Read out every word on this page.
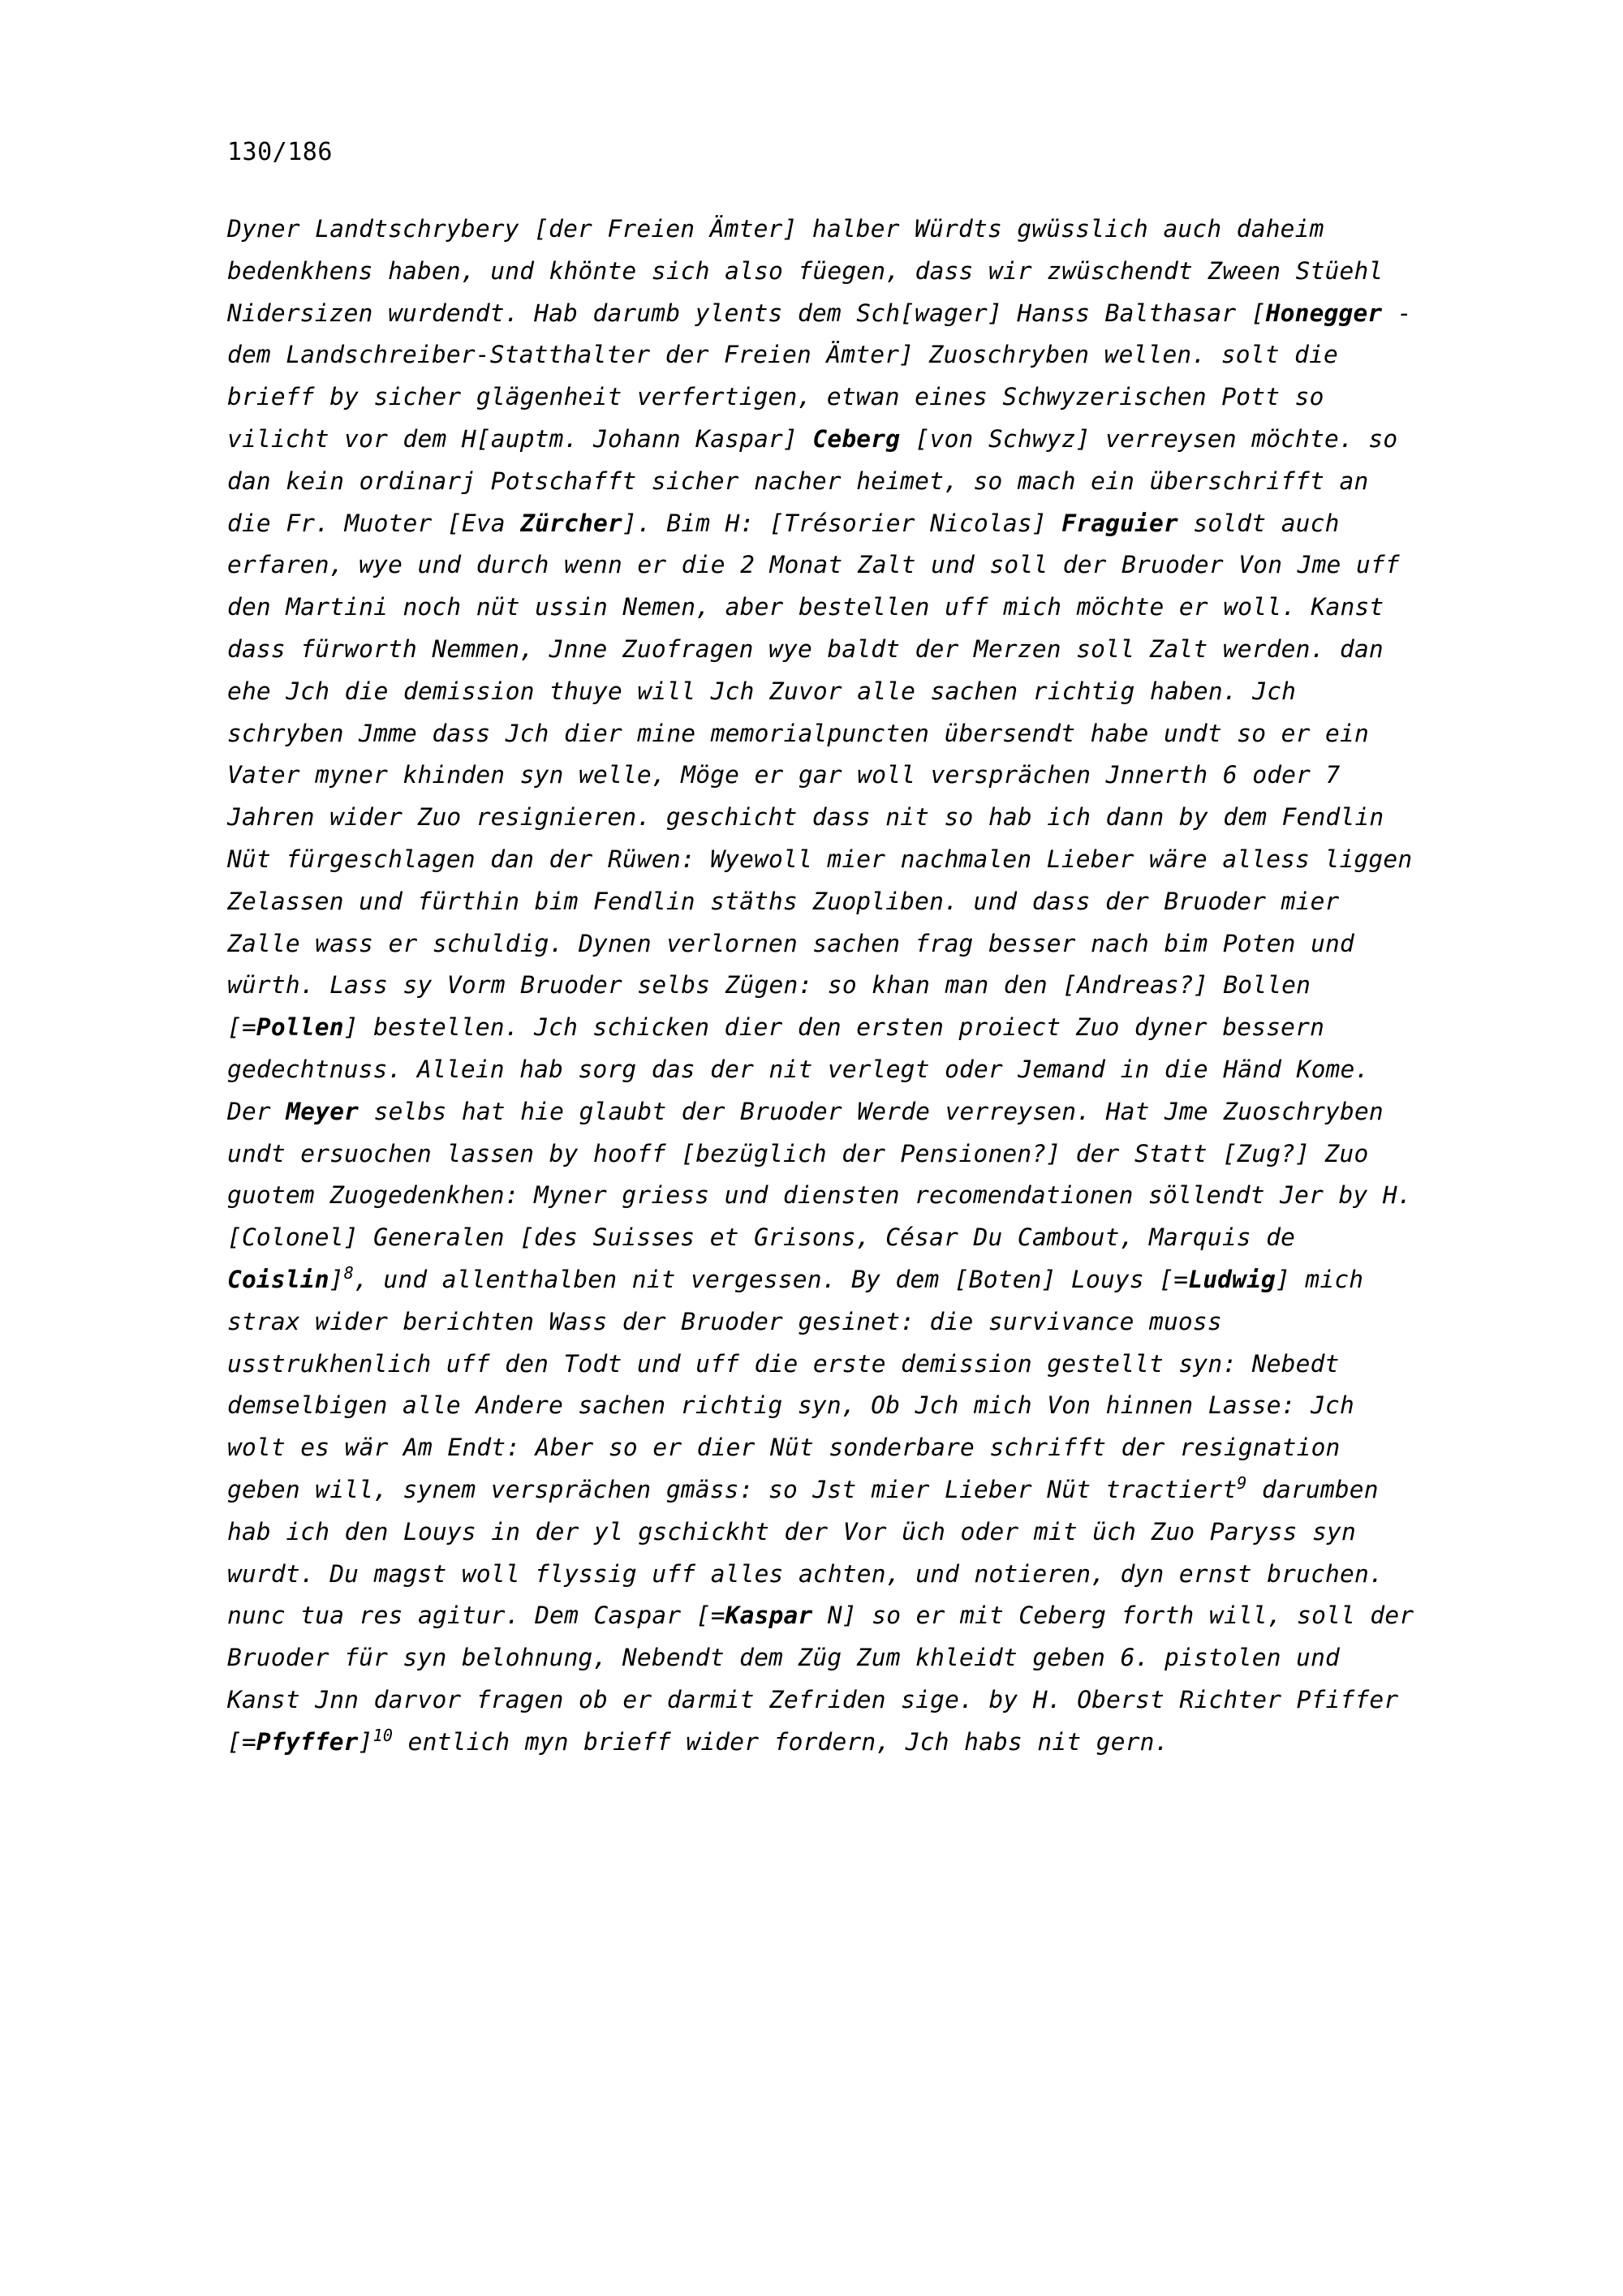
130/186
Dyner Landtschrybery [der Freien Ämter] halber Würdts gwüsslich auch daheim bedenkhens haben, und khönte sich also füegen, dass wir zwüschendt Zween Stüehl Nidersizen wurdendt. Hab darumb ylents dem Sch[wager] Hanss Balthasar [Honegger - dem Landschreiber-Statthalter der Freien Ämter] Zuoschryben wellen. solt die brieff by sicher glägenheit verfertigen, etwan eines Schwyzerischen Pott so vilicht vor dem H[auptm. Johann Kaspar] Ceberg [von Schwyz] verreysen möchte. so dan kein ordinarj Potschafft sicher nacher heimet, so mach ein überschrifft an die Fr. Muoter [Eva Zürcher]. Bim H: [Trésorier Nicolas] Fraguier soldt auch erfaren, wye und durch wenn er die 2 Monat Zalt und soll der Bruoder Von Jme uff den Martini noch nüt ussin Nemen, aber bestellen uff mich möchte er woll. Kanst dass fürworth Nemmen, Jnne Zuofragen wye baldt der Merzen soll Zalt werden. dan ehe Jch die demission thuye will Jch Zuvor alle sachen richtig haben. Jch schryben Jmme dass Jch dier mine memorialpuncten übersendt habe undt so er ein Vater myner khinden syn welle, Möge er gar woll versprächen Jnnerth 6 oder 7 Jahren wider Zuo resignieren. geschicht dass nit so hab ich dann by dem Fendlin Nüt fürgeschlagen dan der Rüwen: Wyewoll mier nachmalen Lieber wäre alless liggen Zelassen und fürthin bim Fendlin stäths Zuopliben. und dass der Bruoder mier Zalle wass er schuldig. Dynen verlornen sachen frag besser nach bim Poten und würth. Lass sy Vorm Bruoder selbs Zügen: so khan man den [Andreas?] Bollen [=Pollen] bestellen. Jch schicken dier den ersten proiect Zuo dyner bessern gedechtnuss. Allein hab sorg das der nit verlegt oder Jemand in die Händ Kome. Der Meyer selbs hat hie glaubt der Bruoder Werde verreysen. Hat Jme Zuoschryben undt ersuochen lassen by hooff [bezüglich der Pensionen?] der Statt [Zug?] Zuo guotem Zuogedenkhen: Myner griess und diensten recomendationen söllendt Jer by H. [Colonel] Generalen [des Suisses et Grisons, César Du Cambout, Marquis de Coislin]$^8$, und allenthalben nit vergessen. By dem [Boten] Louys [=Ludwig] mich strax wider berichten Wass der Bruoder gesinet: die survivance muoss usstrukhenlich uff den Todt und uff die erste demission gestellt syn: Nebedt demselbigen alle Andere sachen richtig syn, Ob Jch mich Von hinnen Lasse: Jch wolt es wär Am Endt: Aber so er dier Nüt sonderbare schrifft der resignation geben will, synem versprächen gmäss: so Jst mier Lieber Nüt tractiert$^9$ darumben hab ich den Louys in der yl gschickht der Vor üch oder mit üch Zuo Paryss syn wurdt. Du magst woll flyssig uff alles achten, und notieren, dyn ernst bruchen. nunc tua res agitur. Dem Caspar [=Kaspar N] so er mit Ceberg forth will, soll der Bruoder für syn belohnung, Nebendt dem Züg Zum khleidt geben 6. pistolen und Kanst Jnn darvor fragen ob er darmit Zefriden sige. by H. Oberst Richter Pfiffer [=Pfyffer]$^{10}$ entlich myn brieff wider fordern, Jch habs nit gern.
